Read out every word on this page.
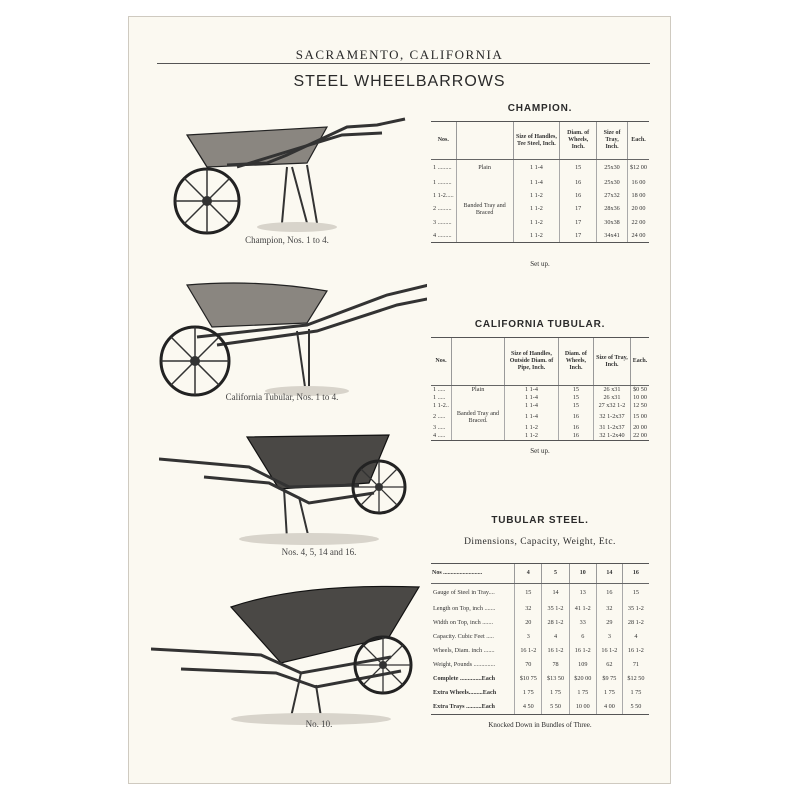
SACRAMENTO, CALIFORNIA
STEEL WHEELBARROWS
Champion, Nos. 1 to 4.
California Tubular, Nos. 1 to 4.
Nos. 4, 5, 14 and 16.
No. 10.
CHAMPION.
Nos.		Size of Handles, Tee Steel, Inch.	Diam. of Wheels, Inch.	Size of Tray, Inch.	Each.
1 .........	Plain	1 1-4	15	25x30	$12 00
1 .........		1 1-4	16	25x30	16 00
1 1-2.....		1 1-2	16	27x32	18 00
2 .........	Banded Tray and Braced	1 1-2	17	28x36	20 00
3 .........		1 1-2	17	30x38	22 00
4 .........		1 1-2	17	34x41	24 00
Set up.
CALIFORNIA TUBULAR.
Nos.		Size of Handles, Outside Diam. of Pipe, Inch.	Diam. of Wheels, Inch.	Size of Tray, Inch.	Each.
1 .....	Plain	1 1-4	15	26 x31	$0 50
1 .....		1 1-4	15	26 x31	10 00
1 1-2..		1 1-4	15	27 x32 1-2	12 50
2 .....	Banded Tray and Braced.	1 1-4	16	32 1-2x37	15 00
3 .....		1 1-2	16	31 1-2x37	20 00
4 .....		1 1-2	16	32 1-2x40	22 00
Set up.
TUBULAR STEEL.
Dimensions, Capacity, Weight, Etc.
Nos ..........................	4	5	10	14	16
Gauge of Steel in Tray....	15	14	13	16	15
Length on Top, inch .......	32	35 1-2	41 1-2	32	35 1-2
Width on Top, inch .......	20	28 1-2	33	29	28 1-2
Capacity. Cubic Feet .....	3	4	6	3	4
Wheels, Diam. inch .......	16 1-2	16 1-2	16 1-2	16 1-2	16 1-2
Weight, Pounds ..............	70	78	109	62	71
Complete ..............Each	$10 75	$13 50	$20 00	$9 75	$12 50
Extra Wheels.........Each	1 75	1 75	1 75	1 75	1 75
Extra Trays ..........Each	4 50	5 50	10 00	4 00	5 50
Knocked Down in Bundles of Three.
